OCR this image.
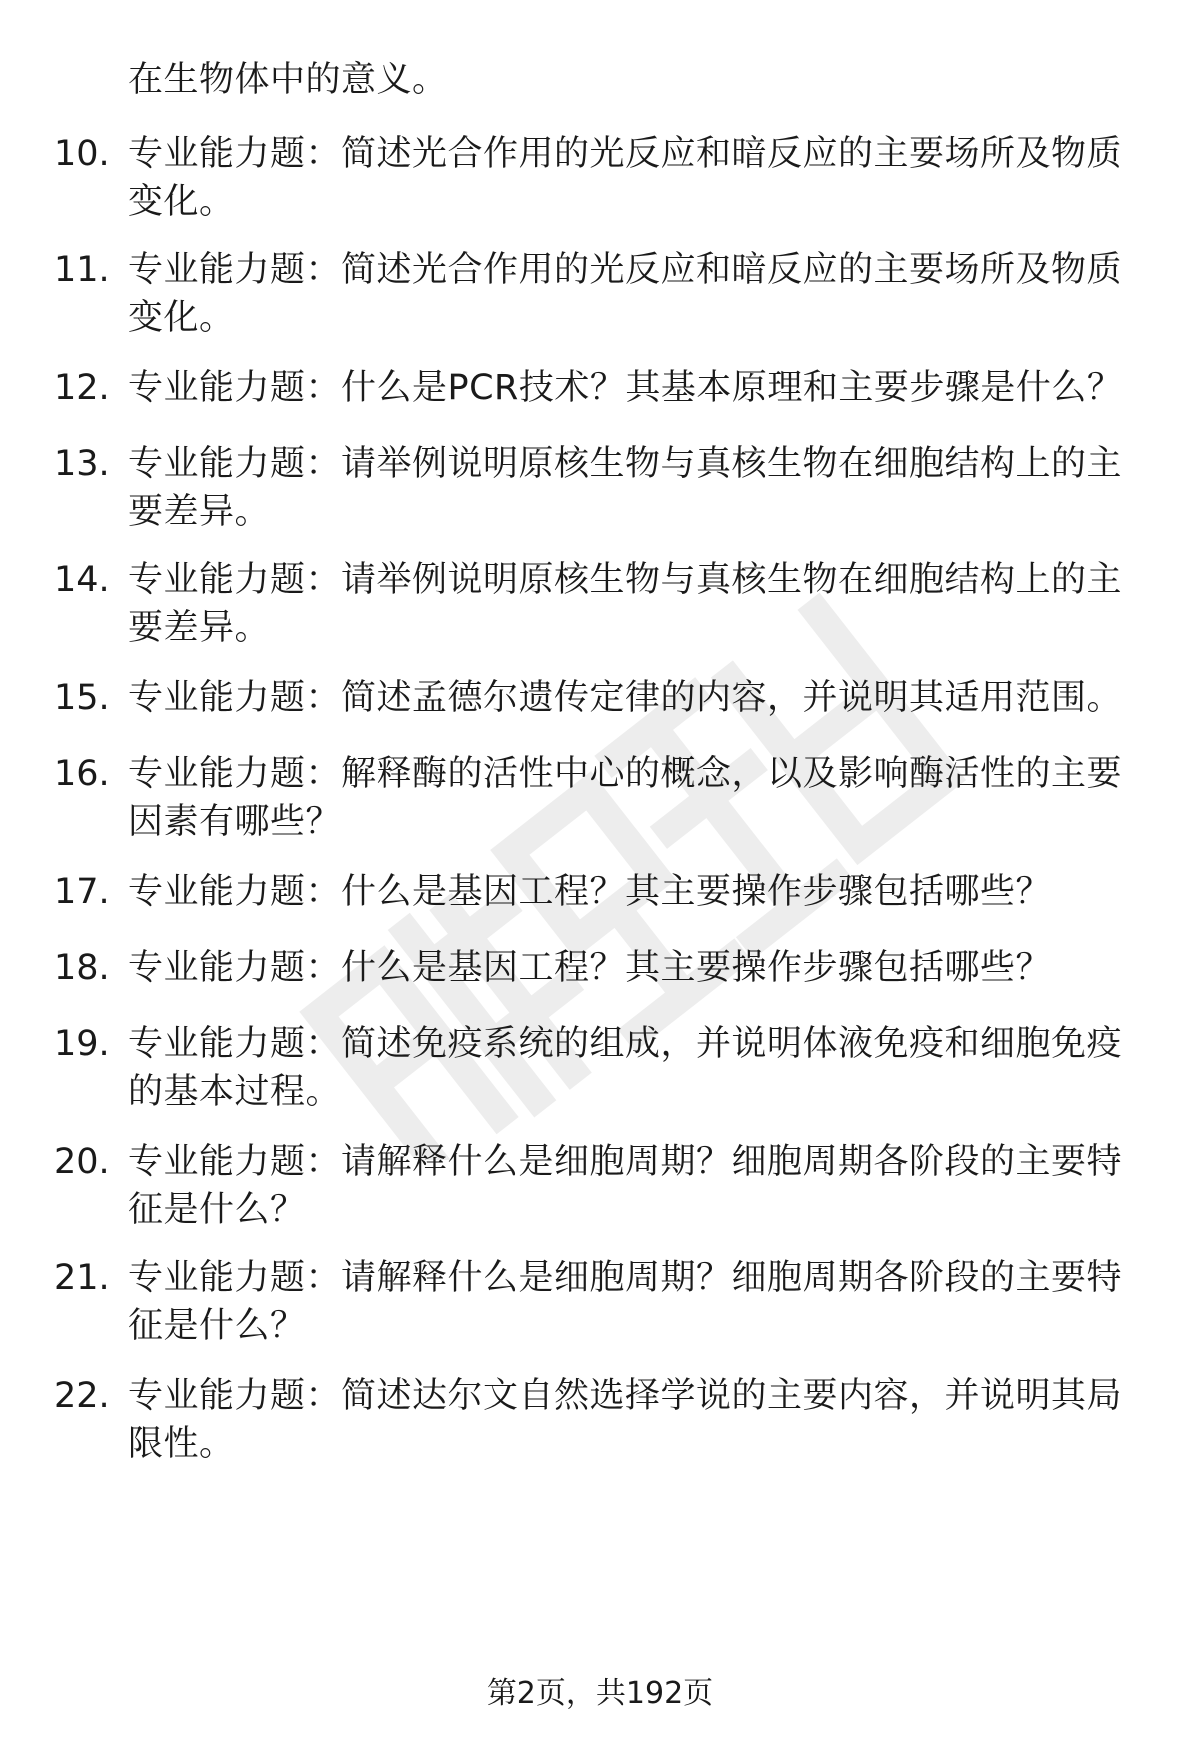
在生物体中的意义。
10. 专业能力题：简述光合作用的光反应和暗反应的主要场所及物质
变化。
11. 专业能力题：简述光合作用的光反应和暗反应的主要场所及物质
变化。
12. 专业能力题：什么是PCR技术？其基本原理和主要步骤是什么？
13. 专业能力题：请举例说明原核生物与真核生物在细胞结构上的主
要差异。
14. 专业能力题：请举例说明原核生物与真核生物在细胞结构上的主
要差异。
15. 专业能力题：简述孟德尔遗传定律的内容，并说明其适用范围。
16. 专业能力题：解释酶的活性中心的概念，以及影响酶活性的主要
因素有哪些？
17. 专业能力题：什么是基因工程？其主要操作步骤包括哪些？
18. 专业能力题：什么是基因工程？其主要操作步骤包括哪些？
19. 专业能力题：简述免疫系统的组成，并说明体液免疫和细胞免疫
的基本过程。
20. 专业能力题：请解释什么是细胞周期？细胞周期各阶段的主要特
征是什么？
21. 专业能力题：请解释什么是细胞周期？细胞周期各阶段的主要特
征是什么？
22. 专业能力题：简述达尔文自然选择学说的主要内容，并说明其局
限性。
第2页，共192页
